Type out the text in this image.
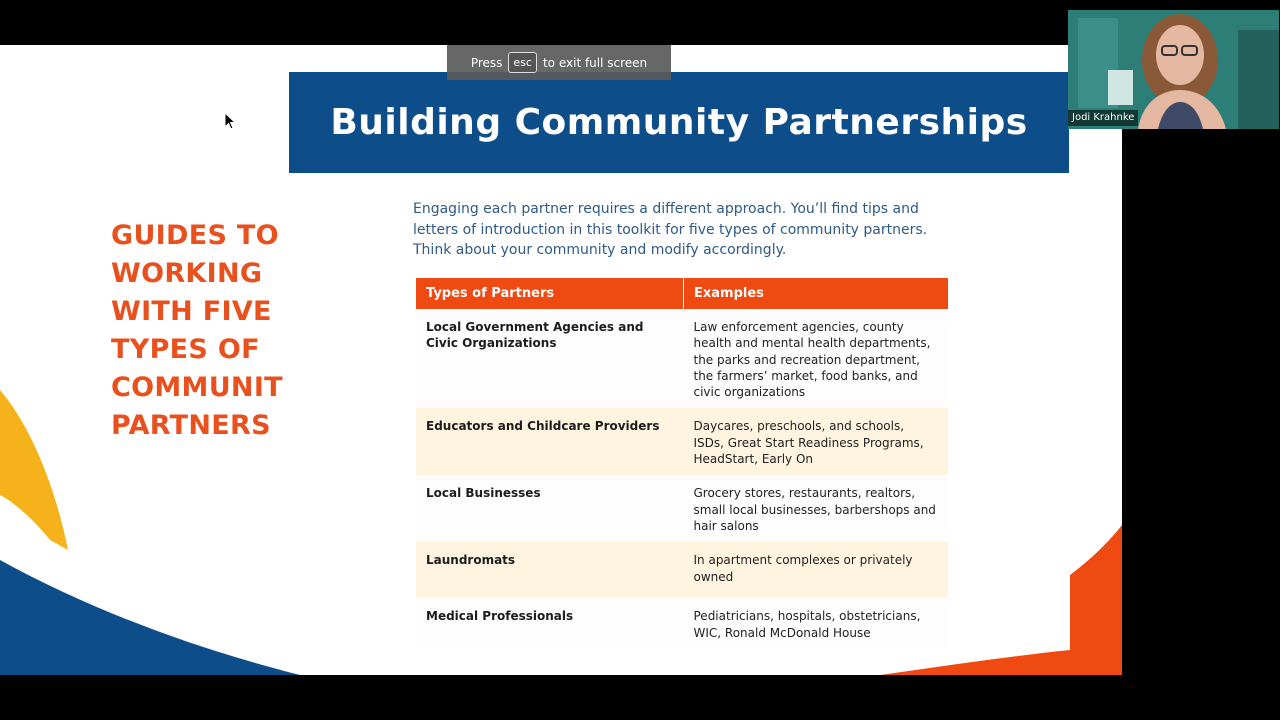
Building Community Partnerships
GUIDES TO
WORKING
WITH FIVE
TYPES OF
COMMUNIT
PARTNERS
Engaging each partner requires a different approach. You’ll find tips and letters of introduction in this toolkit for five types of community partners. Think about your community and modify accordingly.
Types of Partners	Examples
Local Government Agencies and Civic Organizations	Law enforcement agencies, county health and mental health departments, the parks and recreation department, the farmers’ market, food banks, and civic organizations
Educators and Childcare Providers	Daycares, preschools, and schools, ISDs, Great Start Readiness Programs, HeadStart, Early On
Local Businesses	Grocery stores, restaurants, realtors, small local businesses, barbershops and hair salons
Laundromats	In apartment complexes or privately owned
Medical Professionals	Pediatricians, hospitals, obstetricians, WIC, Ronald McDonald House
Press	esc to exit full screen
Jodi Krahnke
